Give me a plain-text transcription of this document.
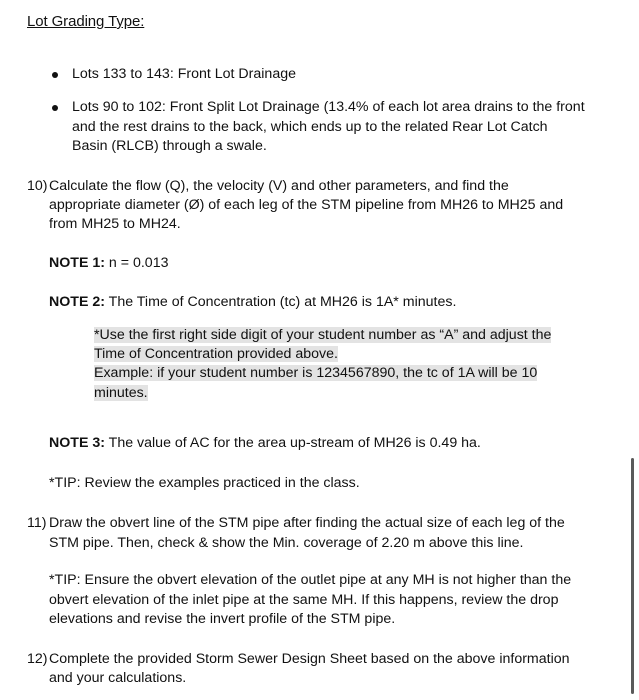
Lot Grading Type:
Lots 133 to 143: Front Lot Drainage
Lots 90 to 102: Front Split Lot Drainage (13.4% of each lot area drains to the front
and the rest drains to the back, which ends up to the related Rear Lot Catch
Basin (RLCB) through a swale.
10) Calculate the flow (Q), the velocity (V) and other parameters, and find the
appropriate diameter (Ø) of each leg of the STM pipeline from MH26 to MH25 and
from MH25 to MH24.
NOTE 1: n = 0.013
NOTE 2: The Time of Concentration (tc) at MH26 is 1A* minutes.
*Use the first right side digit of your student number as “A” and adjust the
Time of Concentration provided above.
Example: if your student number is 1234567890, the tc of 1A will be 10
minutes.
NOTE 3: The value of AC for the area up-stream of MH26 is 0.49 ha.
*TIP: Review the examples practiced in the class.
11) Draw the obvert line of the STM pipe after finding the actual size of each leg of the
STM pipe. Then, check & show the Min. coverage of 2.20 m above this line.
*TIP: Ensure the obvert elevation of the outlet pipe at any MH is not higher than the
obvert elevation of the inlet pipe at the same MH. If this happens, review the drop
elevations and revise the invert profile of the STM pipe.
12) Complete the provided Storm Sewer Design Sheet based on the above information
and your calculations.
